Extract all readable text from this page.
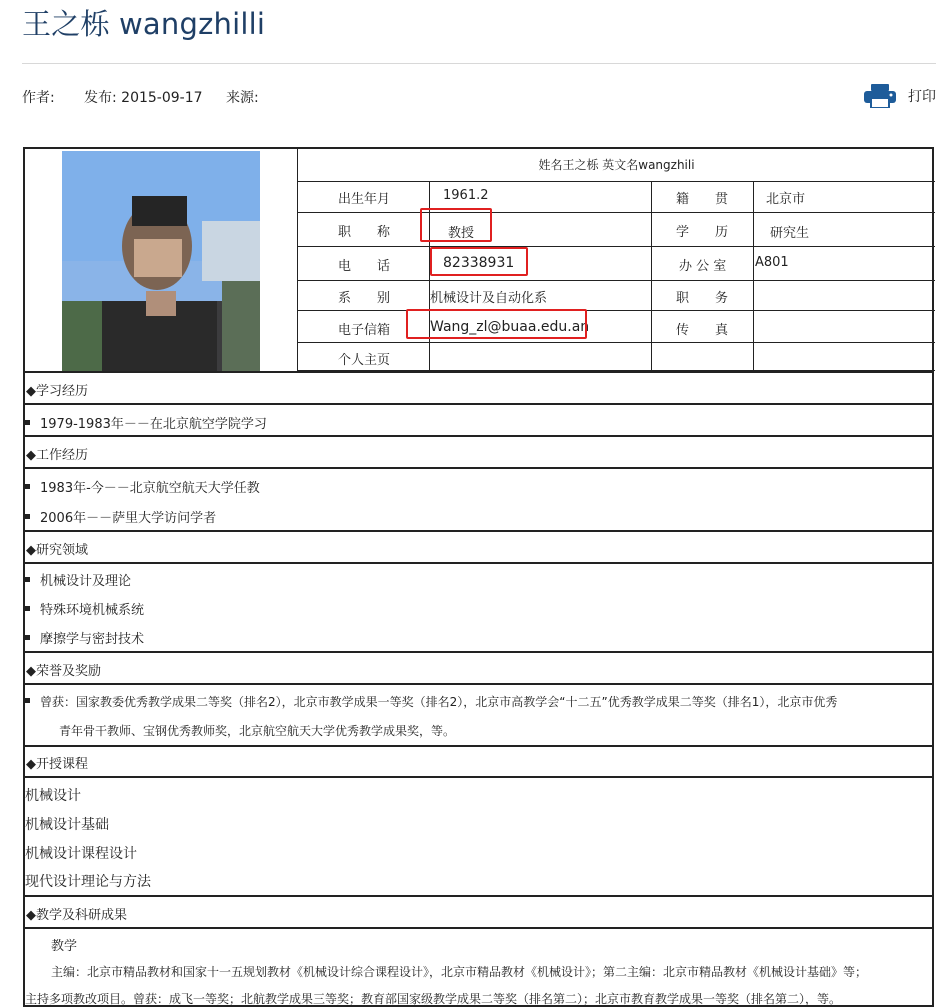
王之栎 wangzhilli
作者: 发布: 2015-09-17 来源:	打印
姓名王之栎 英文名wangzhili
出生年月	1961.2	籍　　贯	北京市
职　　称	教授	学　　历	研究生
电　　话	82338931	办 公 室 A801
系　　别	机械设计及自动化系	职　　务
电子信箱	Wang_zl@buaa.edu.an	传　　真
个人主页
◆学习经历
1979-1983年－－在北京航空学院学习
◆工作经历
1983年-今－－北京航空航天大学任教
2006年－－萨里大学访问学者
◆研究领域
机械设计及理论
特殊环境机械系统
摩擦学与密封技术
◆荣誉及奖励
曾获：国家教委优秀教学成果二等奖（排名2），北京市教学成果一等奖（排名2），北京市高教学会“十二五”优秀教学成果二等奖（排名1），北京市优秀
青年骨干教师、宝钢优秀教师奖，北京航空航天大学优秀教学成果奖，等。
◆开授课程
机械设计
机械设计基础
机械设计课程设计
现代设计理论与方法
◆教学及科研成果
教学
主编：北京市精品教材和国家十一五规划教材《机械设计综合课程设计》，北京市精品教材《机械设计》；第二主编：北京市精品教材《机械设计基础》等；
主持多项教改项目。曾获：成飞一等奖；北航教学成果三等奖；教育部国家级教学成果二等奖（排名第二）；北京市教育教学成果一等奖（排名第二），等。
